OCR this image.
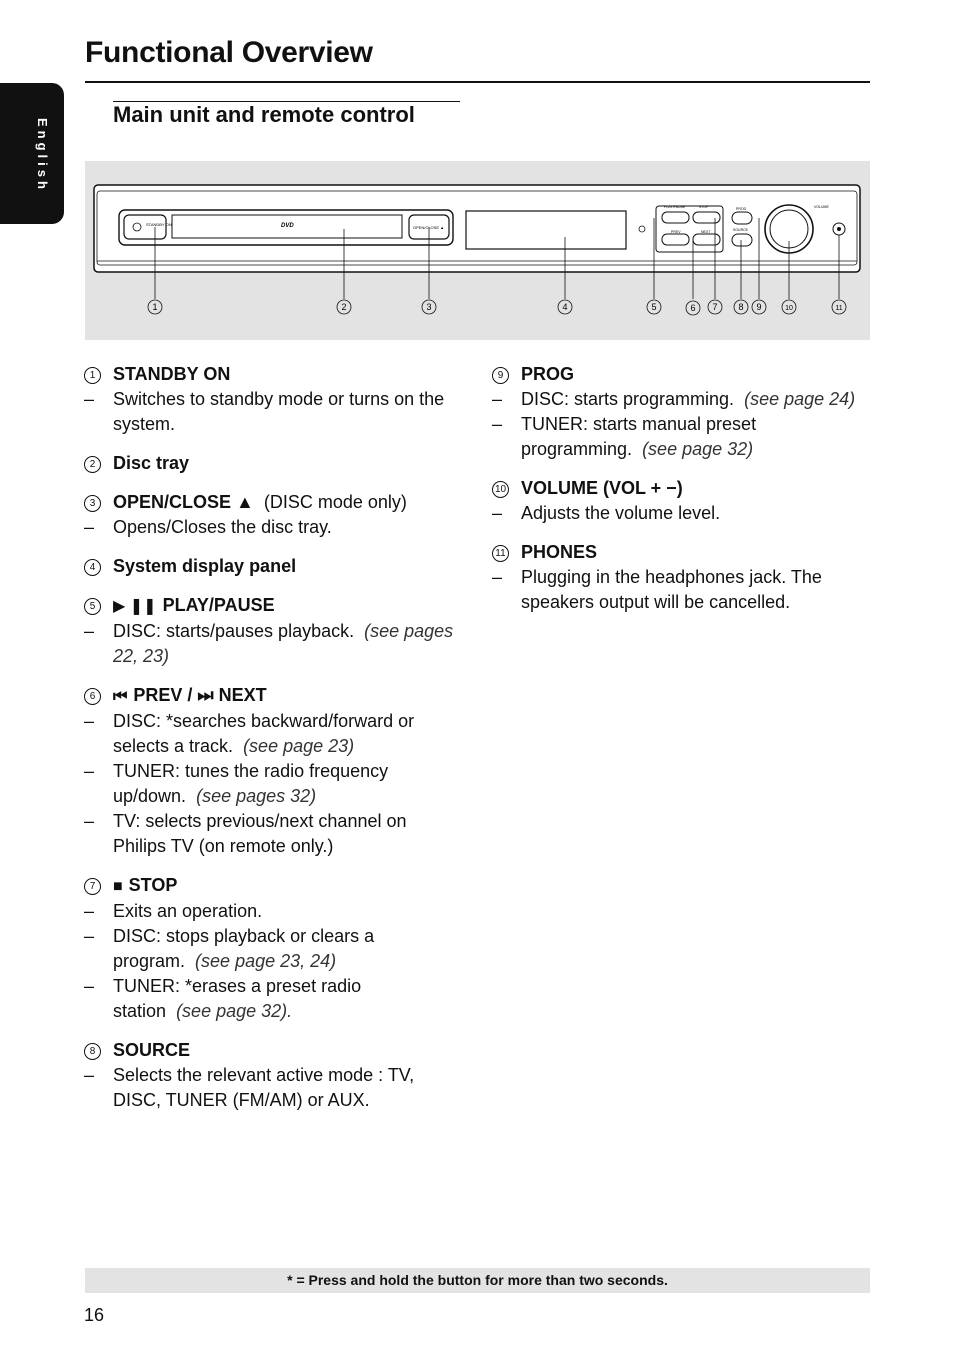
Functional Overview
English
Main unit and remote control
STANDBY ON	DVD	OPEN/CLOSE ▲
PLAY/PAUSE	STOP
PREV	NEXT
PROG
SOURCE
VOLUME
1	2	3	4	5	6 7 8 9	10	11
1 STANDBY ON
– Switches to standby mode or turns on the system.
2 Disc tray
3 OPEN/CLOSE ▲ (DISC mode only)
– Opens/Closes the disc tray.
4 System display panel
5	▶ ❚❚ PLAY/PAUSE
– DISC: starts/pauses playback. (see pages 22, 23)
6	⏮ PREV / ⏭ NEXT
– DISC: *searches backward/forward or selects a track. (see page 23)
– TUNER: tunes the radio frequency up/down. (see pages 32)
– TV: selects previous/next channel on Philips TV (on remote only.)
7	■ STOP
– Exits an operation.
– DISC: stops playback or clears a program. (see page 23, 24)
– TUNER: *erases a preset radio station (see page 32).
8 SOURCE
– Selects the relevant active mode : TV, DISC, TUNER (FM/AM) or AUX.
9 PROG
– DISC: starts programming. (see page 24)
– TUNER: starts manual preset programming. (see page 32)
10 VOLUME (VOL + −)
– Adjusts the volume level.
11 PHONES
– Plugging in the headphones jack. The speakers output will be cancelled.
* = Press and hold the button for more than two seconds.
16
